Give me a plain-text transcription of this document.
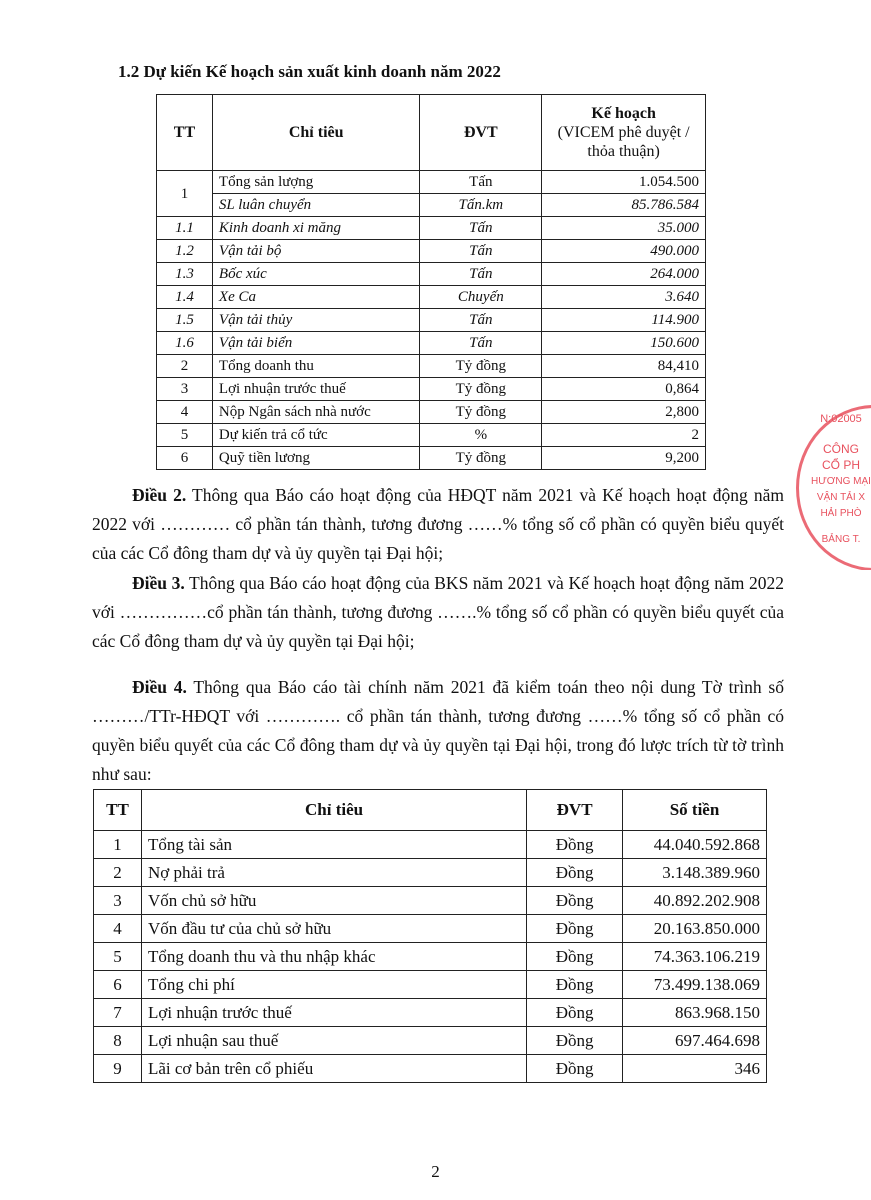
1.2 Dự kiến Kế hoạch sản xuất kinh doanh năm 2022
TT	Chỉ tiêu	ĐVT	Kế hoạch
(VICEM phê duyệt / thỏa thuận)

1	Tổng sản lượng	Tấn	1.054.500
	SL luân chuyển	Tấn.km	85.786.584
1.1	Kinh doanh xi măng	Tấn	35.000
1.2	Vận tải bộ	Tấn	490.000
1.3	Bốc xúc	Tấn	264.000
1.4	Xe Ca	Chuyến	3.640
1.5	Vận tải thủy	Tấn	114.900
1.6	Vận tải biển	Tấn	150.600
2	Tổng doanh thu	Tỷ đồng	84,410
3	Lợi nhuận trước thuế	Tỷ đồng	0,864
4	Nộp Ngân sách nhà nước	Tỷ đồng	2,800
5	Dự kiến trả cổ tức	%	2
6	Quỹ tiền lương	Tỷ đồng	9,200
Điều 2. Thông qua Báo cáo hoạt động của HĐQT năm 2021 và Kế hoạch hoạt động năm 2022 với ………… cổ phần tán thành, tương đương ……% tổng số cổ phần có quyền biểu quyết của các Cổ đông tham dự và ủy quyền tại Đại hội;
Điều 3. Thông qua Báo cáo hoạt động của BKS năm 2021 và Kế hoạch hoạt động năm 2022 với ……………cổ phần tán thành, tương đương …….% tổng số cổ phần có quyền biểu quyết của các Cổ đông tham dự và ủy quyền tại Đại hội;
Điều 4. Thông qua Báo cáo tài chính năm 2021 đã kiểm toán theo nội dung Tờ trình số ………/TTr-HĐQT với …………. cổ phần tán thành, tương đương ……% tổng số cổ phần có quyền biểu quyết của các Cổ đông tham dự và ủy quyền tại Đại hội, trong đó lược trích từ tờ trình như sau:
TT	Chỉ tiêu	ĐVT	Số tiền
1	Tổng tài sản	Đồng	44.040.592.868
2	Nợ phải trả	Đồng	3.148.389.960
3	Vốn chủ sở hữu	Đồng	40.892.202.908
4	Vốn đầu tư của chủ sở hữu	Đồng	20.163.850.000
5	Tổng doanh thu và thu nhập khác	Đồng	74.363.106.219
6	Tổng chi phí	Đồng	73.499.138.069
7	Lợi nhuận trước thuế	Đồng	863.968.150
8	Lợi nhuận sau thuế	Đồng	697.464.698
9	Lãi cơ bản trên cổ phiếu	Đồng	346
N:02005
CÔNG
CỔ PH
HƯƠNG MẠI
VẬN TẢI X
HẢI PHÒ
BẢNG T.
2
